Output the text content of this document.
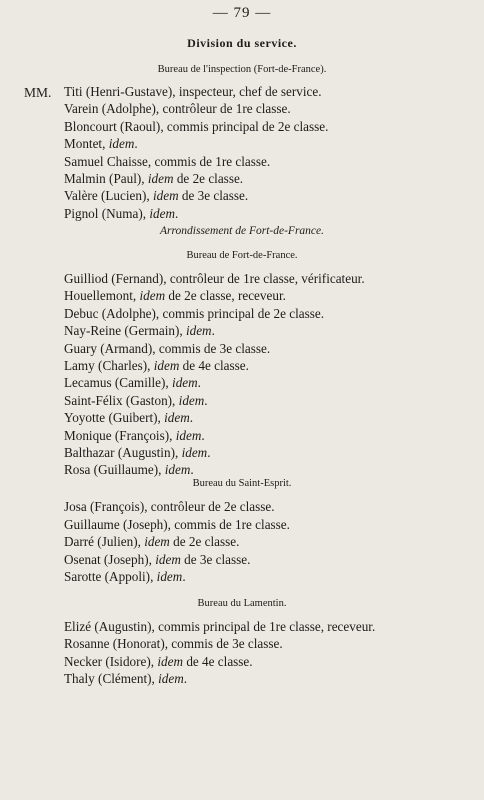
— 79 —
Division du service.
Bureau de l'inspection (Fort-de-France).
MM. Titi (Henri-Gustave), inspecteur, chef de service.
Varein (Adolphe), contrôleur de 1re classe.
Bloncourt (Raoul), commis principal de 2e classe.
Montet, idem.
Samuel Chaisse, commis de 1re classe.
Malmin (Paul), idem de 2e classe.
Valère (Lucien), idem de 3e classe.
Pignol (Numa), idem.
Arrondissement de Fort-de-France.
Bureau de Fort-de-France.
Guilliod (Fernand), contrôleur de 1re classe, vérificateur.
Houellemont, idem de 2e classe, receveur.
Debuc (Adolphe), commis principal de 2e classe.
Nay-Reine (Germain), idem.
Guary (Armand), commis de 3e classe.
Lamy (Charles), idem de 4e classe.
Lecamus (Camille), idem.
Saint-Félix (Gaston), idem.
Yoyotte (Guibert), idem.
Monique (François), idem.
Balthazar (Augustin), idem.
Rosa (Guillaume), idem.
Bureau du Saint-Esprit.
Josa (François), contrôleur de 2e classe.
Guillaume (Joseph), commis de 1re classe.
Darré (Julien), idem de 2e classe.
Osenat (Joseph), idem de 3e classe.
Sarotte (Appoli), idem.
Bureau du Lamentin.
Elizé (Augustin), commis principal de 1re classe, receveur.
Rosanne (Honorat), commis de 3e classe.
Necker (Isidore), idem de 4e classe.
Thaly (Clément), idem.
